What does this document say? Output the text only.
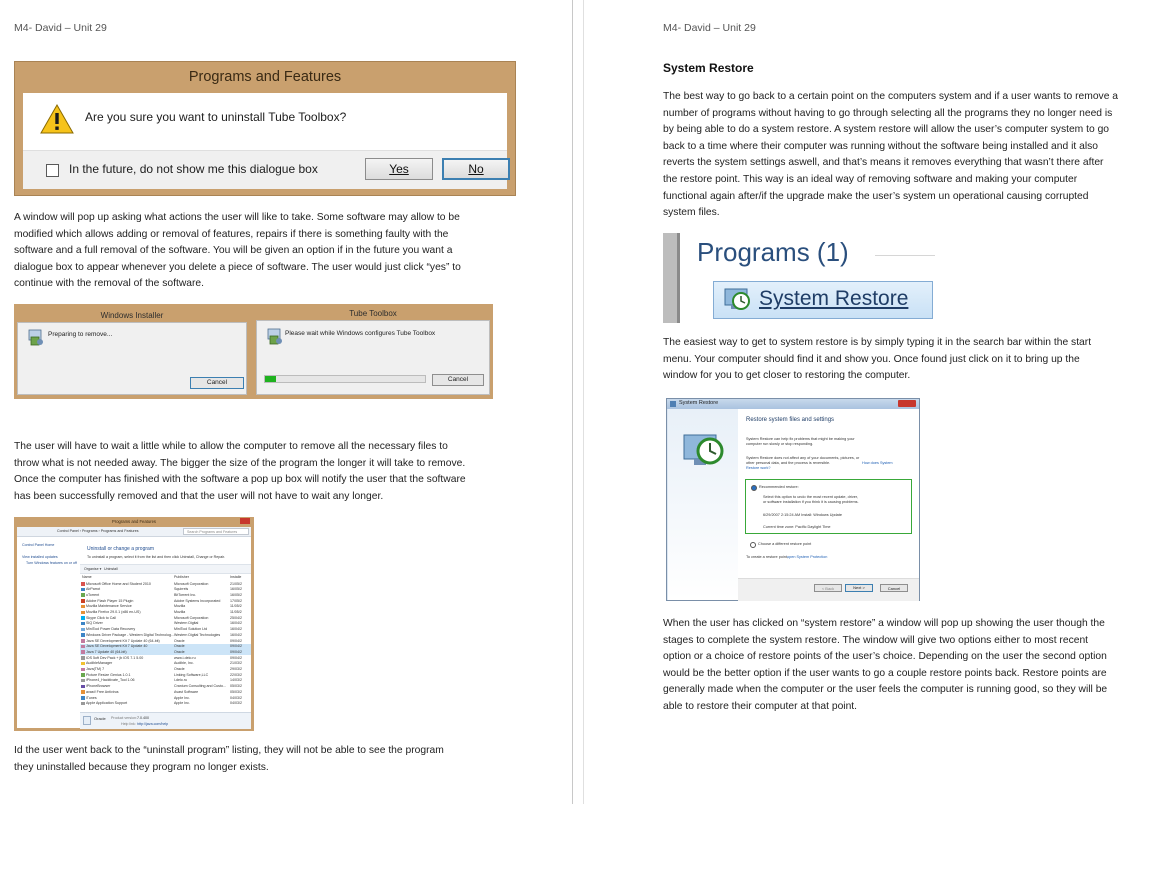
M4- David – Unit 29
Programs and Features
Are you sure you want to uninstall Tube Toolbox?
In the future, do not show me this dialogue box	Yes	No
A window will pop up asking what actions the user will like to take. Some software may allow to be
modified which allows adding or removal of features, repairs if there is something faulty with the
software and a full removal of the software. You will be given an option if in the future you want a
dialogue box to appear whenever you delete a piece of software. The user would just click “yes” to
continue with the removal of the software.
Windows Installer
Preparing to remove...
Cancel
Tube Toolbox
Please wait while Windows configures Tube Toolbox
Cancel
The user will have to wait a little while to allow the computer to remove all the necessary files to
throw what is not needed away. The bigger the size of the program the longer it will take to remove.
Once the computer has finished with the software a pop up box will notify the user that the software
has been successfully removed and that the user will not have to wait any longer.
Programs and Features
Control Panel › Programs › Programs and Features	Search Programs and Features
Control Panel Home
View installed updates
Turn Windows features on or off
Uninstall or change a program
To uninstall a program, select it from the list and then click Uninstall, Change or Repair.
Organise ▾ Uninstall
Name	Publisher	Installe
Microsoft Office Home and Student 2010	Microsoft Corporation	21/05/2
AirParrot	Squirrels	16/05/2
uTorrent	BitTorrent Inc.	16/05/2
Adobe Flash Player 15 Plugin	Adobe Systems Incorporated	17/05/2
Mozilla Maintenance Service	Mozilla	11/05/2
Mozilla Firefox 29.0.1 (x86 en-US)	Mozilla	11/05/2
Skype Click to Call	Microsoft Corporation	25/04/2
SIQ Driver	Western Digital	16/04/2
MiniTool Power Data Recovery	MiniTool Solution Ltd	16/04/2
Windows Driver Package - Western Digital Technolog... Western Digital Technologies	16/04/2
Java SE Development Kit 7 Update 40 (64-bit)	Oracle	09/04/2
Java SE Development Kit 7 Update 40	Oracle	09/04/2
Java 7 Update 40 (64-bit)	Oracle	09/04/2
iOS 5oft Dev Pack + jb iOS 7.1 5.00	www.i-delo.ru	09/04/2
AudibleManager	Audible, Inc.	21/03/2
Java(TM) 7	Oracle	29/03/2
Picture Resize Genius 1.0.1	Linking Software,LLC	22/03/2
iPhone4_Hacktivate_Tool 1.06	i-delo.ru	14/03/2
iPhoneBrowser	Cranium Consulting and Custo... 05/03/2
avast! Free Antivirus	Avast Software	05/03/2
iTunes	Apple Inc.	04/03/2
Apple Application Support	Apple Inc.	04/03/2
Oracle Product version: 7.0.400
Help link: http://java.com/help
Id the user went back to the “uninstall program” listing, they will not be able to see the program
they uninstalled because they program no longer exists.
M4- David – Unit 29
System Restore
The best way to go back to a certain point on the computers system and if a user wants to remove a
number of programs without having to go through selecting all the programs they no longer need is
by being able to do a system restore. A system restore will allow the user’s computer system to go
back to a time where their computer was running without the software being installed and it also
reverts the system settings aswell, and that’s means it removes everything that wasn’t there after
the restore point. This way is an ideal way of removing software and making your computer
functional again after/if the upgrade make the user’s system un operational causing corrupted
system files.
Programs (1)
System Restore
The easiest way to get to system restore is by simply typing it in the search bar within the start
menu. Your computer should find it and show you. Once found just click on it to bring up the
window for you to get closer to restoring the computer.
System Restore
Restore system files and settings
System Restore can help fix problems that might be making your
computer run slowly or stop responding.
System Restore does not affect any of your documents, pictures, or
other personal data, and the process is reversible.	How does System
Restore work?
Recommended restore:
Select this option to undo the most recent update, driver,
or software installation if you think it is causing problems.
6/29/2007 2:15:24 AM Install: Windows Update
Current time zone: Pacific Daylight Time
Choose a different restore point
To create a restore point, open System Protection
< Back	Next >	Cancel
When the user has clicked on “system restore” a window will pop up showing the user though the
stages to complete the system restore. The window will give two options either to most recent
option or a choice of restore points of the user’s choice. Depending on the user the second option
would be the better option if the user wants to go a couple restore points back. Restore points are
generally made when the computer or the user feels the computer is running good, so they will be
able to restore their computer at that point.
